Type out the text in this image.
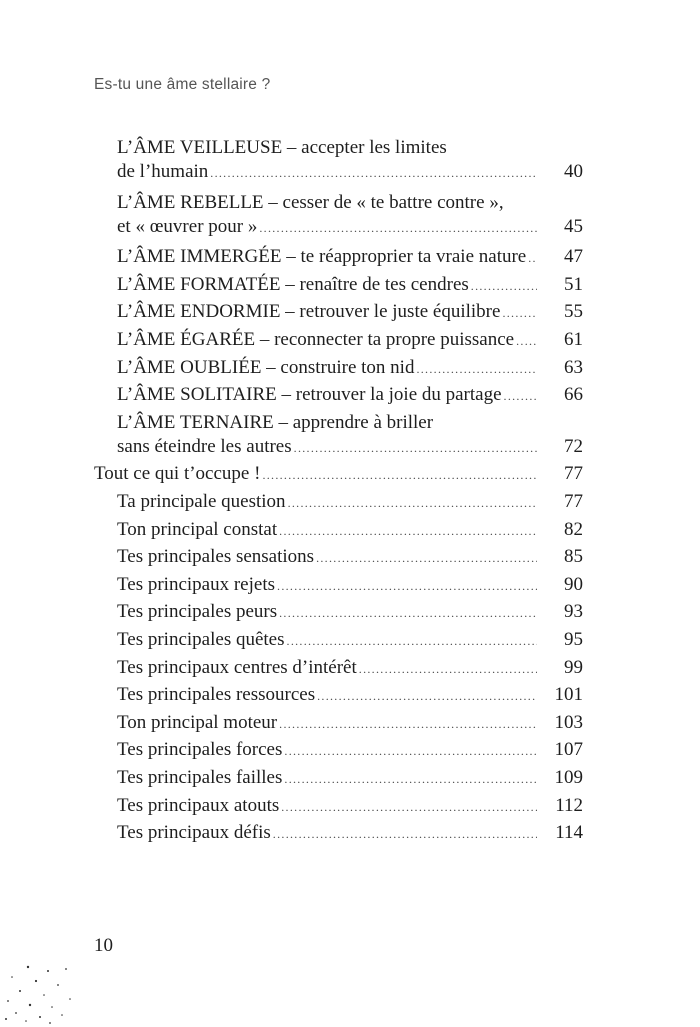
Es-tu une âme stellaire ?
L’ÂME VEILLEUSE – accepter les limites
de l’humain .....	40
L’ÂME REBELLE – cesser de « te battre contre »,
et « œuvrer pour » .....	45
L’ÂME IMMERGÉE – te réapproprier ta vraie nature .....	47
L’ÂME FORMATÉE – renaître de tes cendres .....	51
L’ÂME ENDORMIE – retrouver le juste équilibre .....	55
L’ÂME ÉGARÉE – reconnecter ta propre puissance .....	61
L’ÂME OUBLIÉE – construire ton nid .....	63
L’ÂME SOLITAIRE – retrouver la joie du partage .....	66
L’ÂME TERNAIRE – apprendre à briller
sans éteindre les autres .....	72
Tout ce qui t’occupe ! .....	77
Ta principale question .....	77
Ton principal constat .....	82
Tes principales sensations .....	85
Tes principaux rejets .....	90
Tes principales peurs .....	93
Tes principales quêtes .....	95
Tes principaux centres d’intérêt .....	99
Tes principales ressources .....	101
Ton principal moteur .....	103
Tes principales forces .....	107
Tes principales failles .....	109
Tes principaux atouts .....	112
Tes principaux défis .....	114
10
